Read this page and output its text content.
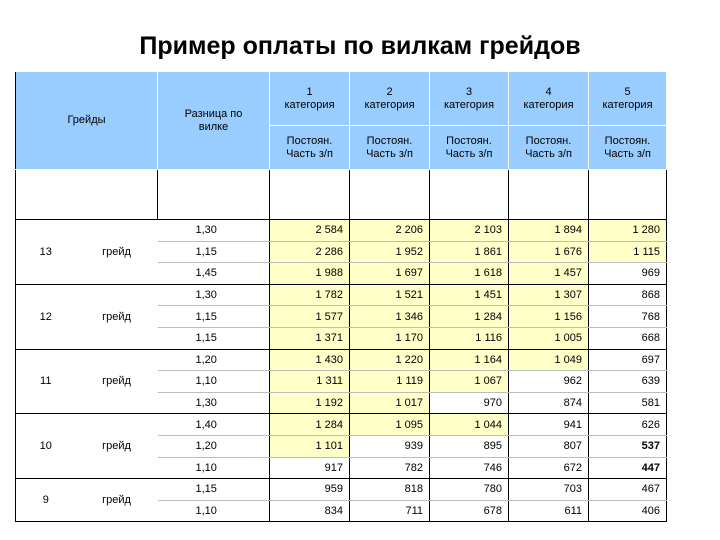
Пример оплаты по вилкам грейдов
Грейды		Разница по вилке	1 категория	2 категория	3 категория	4 категория	5 категория

			Постоян. Часть з/п	Постоян. Часть з/п	Постоян. Часть з/п	Постоян. Часть з/п	Постоян. Часть з/п

13	грейд	1,30	2 584	2 206	2 103	1 894	1 280
		1,15	2 286	1 952	1 861	1 676	1 115
		1,45	1 988	1 697	1 618	1 457	969
12	грейд	1,30	1 782	1 521	1 451	1 307	868
		1,15	1 577	1 346	1 284	1 156	768
		1,15	1 371	1 170	1 116	1 005	668
11	грейд	1,20	1 430	1 220	1 164	1 049	697
		1,10	1 311	1 119	1 067	962	639
		1,30	1 192	1 017	970	874	581
10	грейд	1,40	1 284	1 095	1 044	941	626
		1,20	1 101	939	895	807	537
		1,10	917	782	746	672	447
9	грейд	1,15	959	818	780	703	467
		1,10	834	711	678	611	406
